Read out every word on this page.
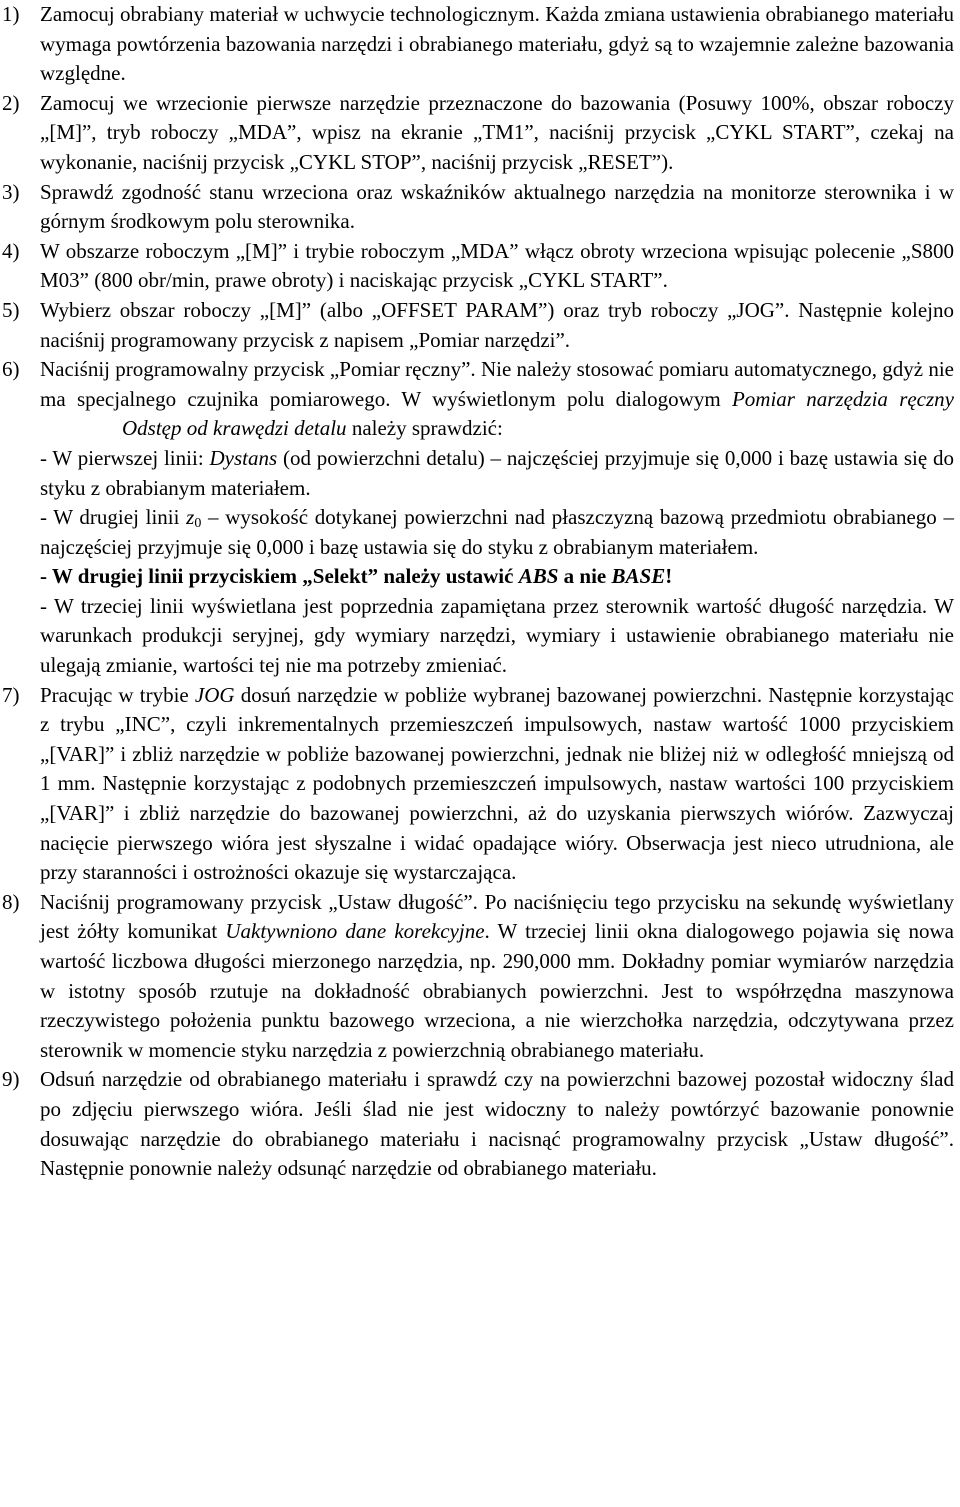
1) Zamocuj obrabiany materiał w uchwycie technologicznym. Każda zmiana ustawienia obrabianego materiału wymaga powtórzenia bazowania narzędzi i obrabianego materiału, gdyż są to wzajemnie zależne bazowania względne.

2) Zamocuj we wrzecionie pierwsze narzędzie przeznaczone do bazowania (Posuwy 100%, obszar roboczy „[M]”, tryb roboczy „MDA”, wpisz na ekranie „TM1”, naciśnij przycisk „CYKL START”, czekaj na wykonanie, naciśnij przycisk „CYKL STOP”, naciśnij przycisk „RESET”).

3) Sprawdź zgodność stanu wrzeciona oraz wskaźników aktualnego narzędzia na monitorze sterownika i w górnym środkowym polu sterownika.

4) W obszarze roboczym „[M]” i trybie roboczym „MDA” włącz obroty wrzeciona wpisując polecenie „S800 M03” (800 obr/min, prawe obroty) i naciskając przycisk „CYKL START”.

5) Wybierz obszar roboczy „[M]” (albo „OFFSET PARAM”) oraz tryb roboczy „JOG”. Następnie kolejno naciśnij programowany przycisk z napisem „Pomiar narzędzi”.

6) Naciśnij programowalny przycisk „Pomiar ręczny”. Nie należy stosować pomiaru automatycznego, gdyż nie ma specjalnego czujnika pomiarowego. W wyświetlonym polu dialogowym Pomiar narzędzia ręcznyOdstęp od krawędzi detalu należy sprawdzić:

- W pierwszej linii: Dystans (od powierzchni detalu) – najczęściej przyjmuje się 0,000 i bazę ustawia się do styku z obrabianym materiałem.

- W drugiej linii $z_0$ – wysokość dotykanej powierzchni nad płaszczyzną bazową przedmiotu obrabianego – najczęściej przyjmuje się 0,000 i bazę ustawia się do styku z obrabianym materiałem.

- W drugiej linii przyciskiem „Selekt” należy ustawić ABS a nie BASE!

- W trzeciej linii wyświetlana jest poprzednia zapamiętana przez sterownik wartość długość narzędzia. W warunkach produkcji seryjnej, gdy wymiary narzędzi, wymiary i ustawienie obrabianego materiału nie ulegają zmianie, wartości tej nie ma potrzeby zmieniać.

7) Pracując w trybie JOG dosuń narzędzie w pobliże wybranej bazowanej powierzchni. Następnie korzystając z trybu „INC”, czyli inkrementalnych przemieszczeń impulsowych, nastaw wartość 1000 przyciskiem „[VAR]” i zbliż narzędzie w pobliże bazowanej powierzchni, jednak nie bliżej niż w odległość mniejszą od 1 mm. Następnie korzystając z podobnych przemieszczeń impulsowych, nastaw wartości 100 przyciskiem „[VAR]” i zbliż narzędzie do bazowanej powierzchni, aż do uzyskania pierwszych wiórów. Zazwyczaj nacięcie pierwszego wióra jest słyszalne i widać opadające wióry. Obserwacja jest nieco utrudniona, ale przy staranności i ostrożności okazuje się wystarczająca.

8) Naciśnij programowany przycisk „Ustaw długość”. Po naciśnięciu tego przycisku na sekundę wyświetlany jest żółty komunikat Uaktywniono dane korekcyjne. W trzeciej linii okna dialogowego pojawia się nowa wartość liczbowa długości mierzonego narzędzia, np. 290,000 mm. Dokładny pomiar wymiarów narzędzia w istotny sposób rzutuje na dokładność obrabianych powierzchni. Jest to współrzędna maszynowa rzeczywistego położenia punktu bazowego wrzeciona, a nie wierzchołka narzędzia, odczytywana przez sterownik w momencie styku narzędzia z powierzchnią obrabianego materiału.

9) Odsuń narzędzie od obrabianego materiału i sprawdź czy na powierzchni bazowej pozostał widoczny ślad po zdjęciu pierwszego wióra. Jeśli ślad nie jest widoczny to należy powtórzyć bazowanie ponownie dosuwając narzędzie do obrabianego materiału i nacisnąć programowalny przycisk „Ustaw długość”. Następnie ponownie należy odsunąć narzędzie od obrabianego materiału.
